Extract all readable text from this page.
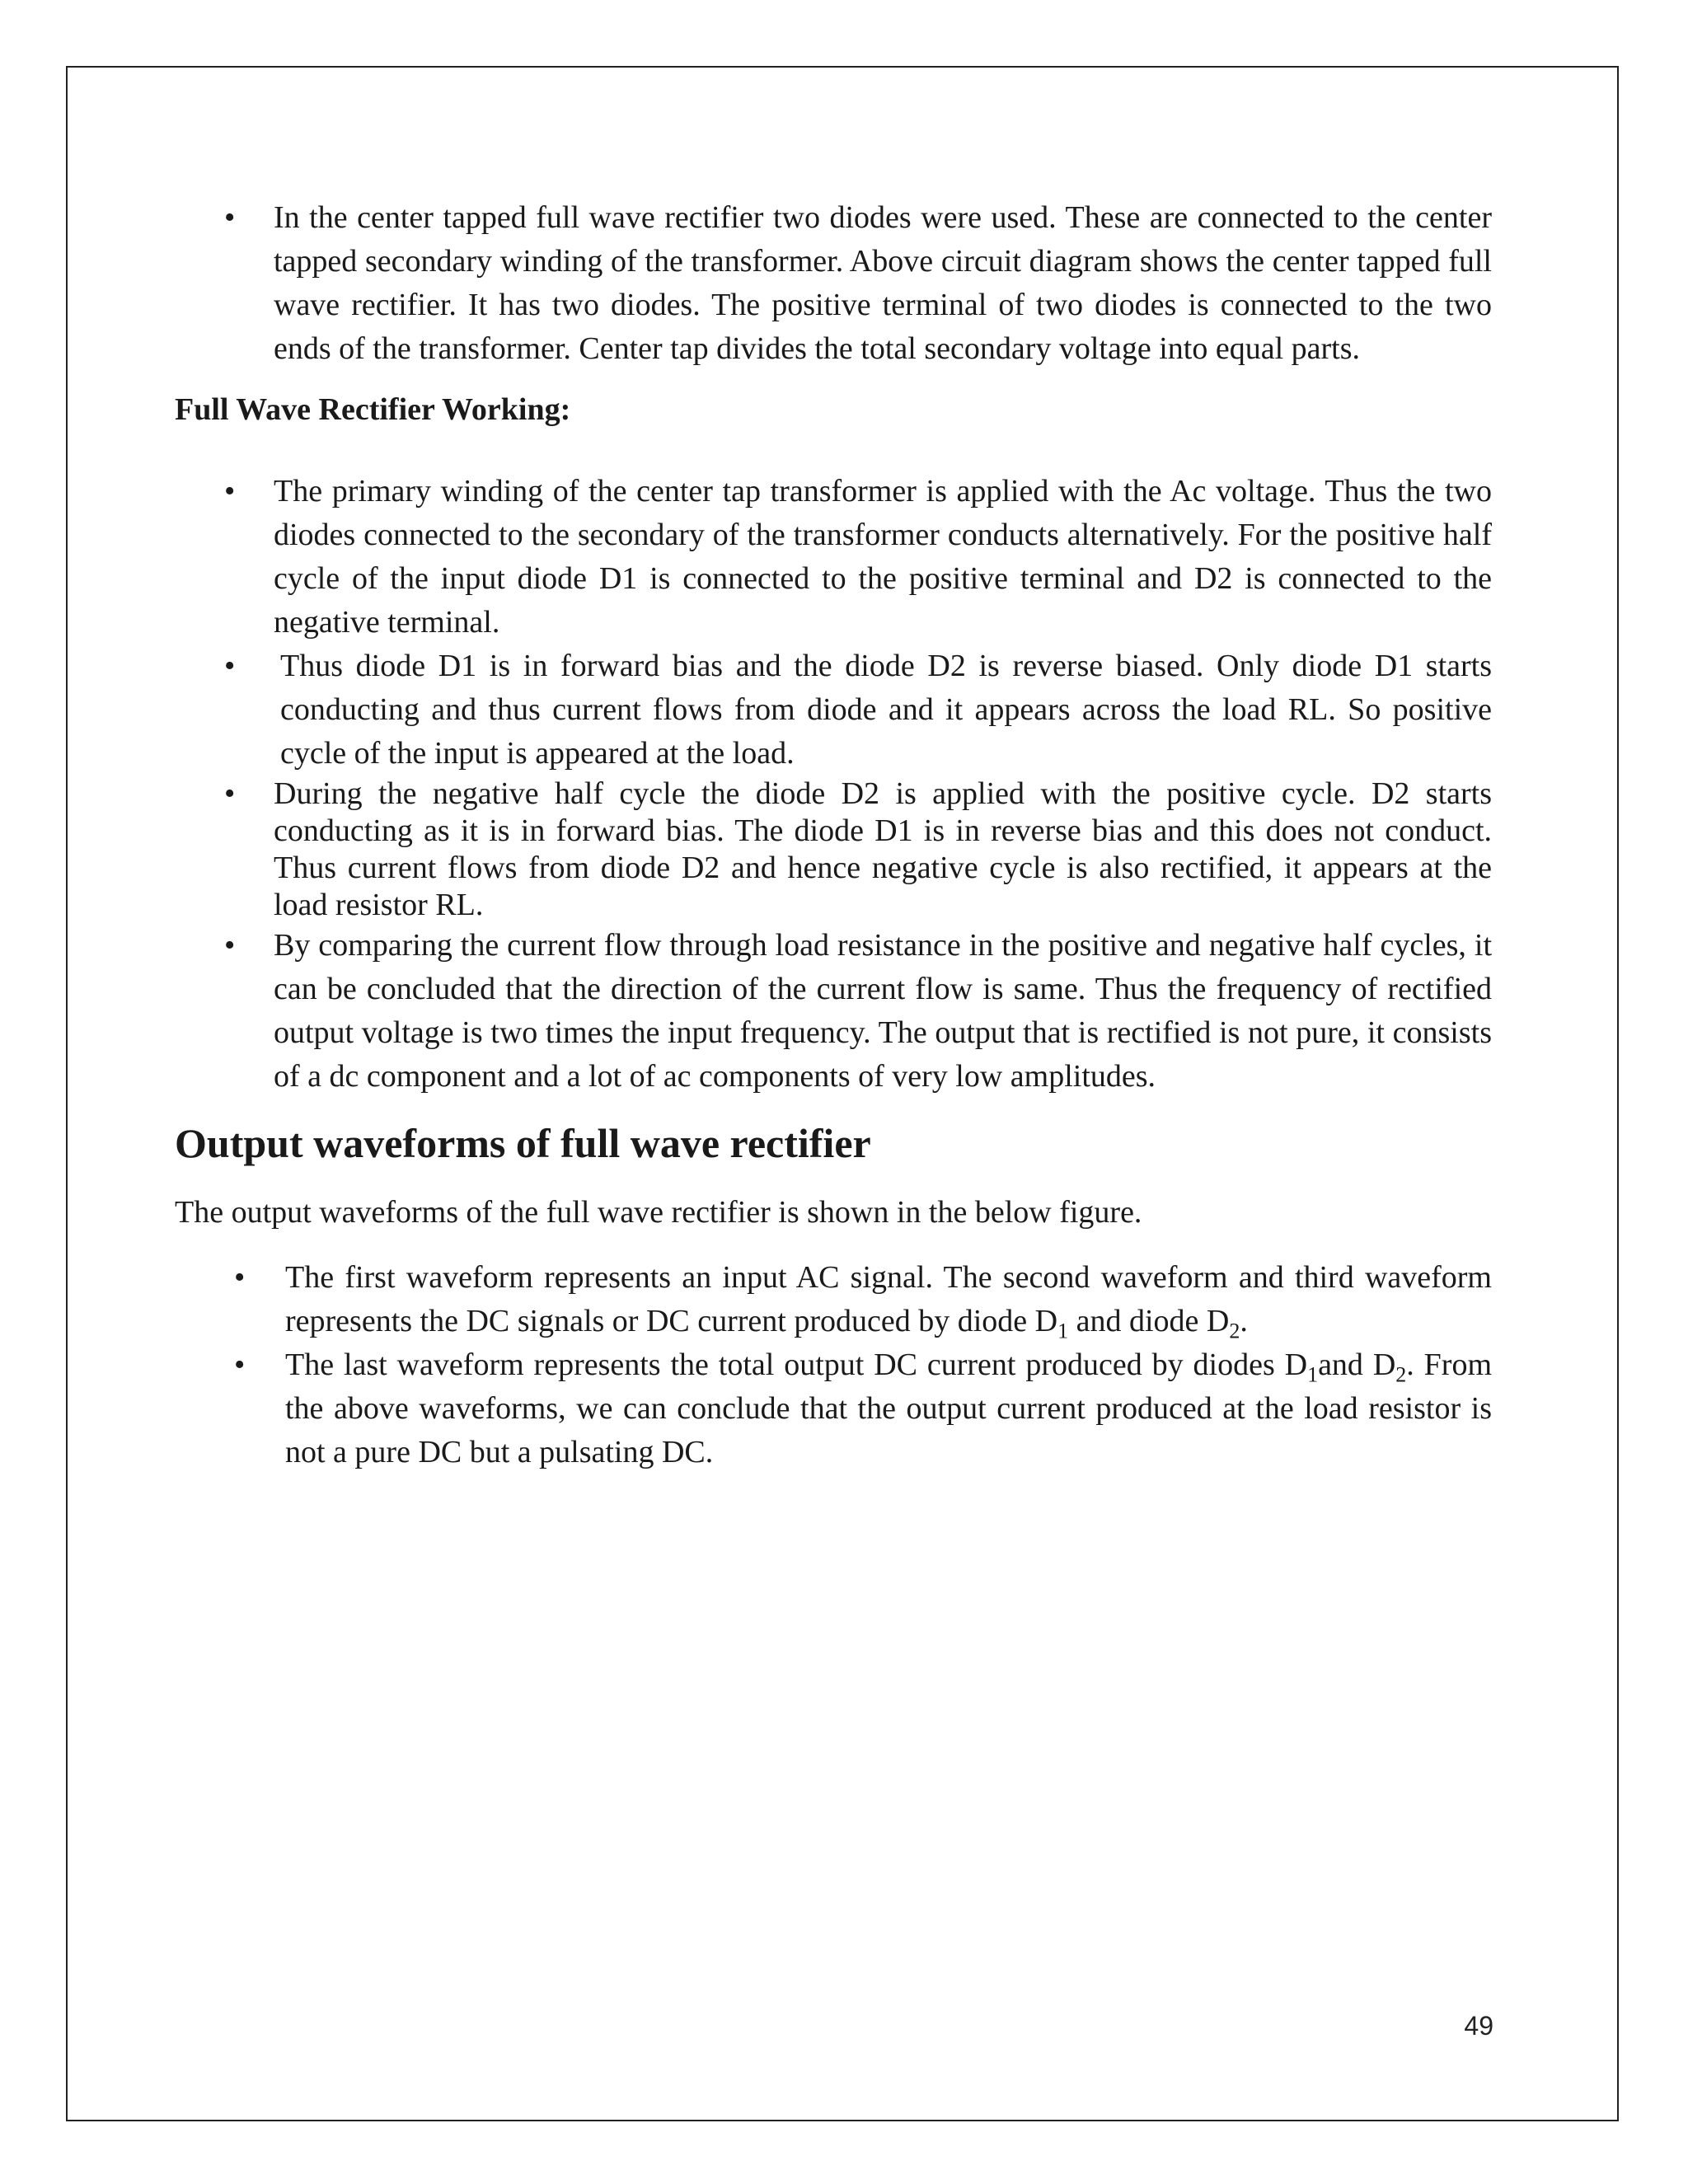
• In the center tapped full wave rectifier two diodes were used. These are connected to the center tapped secondary winding of the transformer. Above circuit diagram shows the center tapped full wave rectifier. It has two diodes. The positive terminal of two diodes is connected to the two ends of the transformer. Center tap divides the total secondary voltage into equal parts.
Full Wave Rectifier Working:
• The primary winding of the center tap transformer is applied with the Ac voltage. Thus the two diodes connected to the secondary of the transformer conducts alternatively. For the positive half cycle of the input diode D1 is connected to the positive terminal and D2 is connected to the negative terminal.
• Thus diode D1 is in forward bias and the diode D2 is reverse biased. Only diode D1 starts conducting and thus current flows from diode and it appears across the load RL. So positive cycle of the input is appeared at the load.
• During the negative half cycle the diode D2 is applied with the positive cycle. D2 starts conducting as it is in forward bias. The diode D1 is in reverse bias and this does not conduct. Thus current flows from diode D2 and hence negative cycle is also rectified, it appears at the load resistor RL.
• By comparing the current flow through load resistance in the positive and negative half cycles, it can be concluded that the direction of the current flow is same. Thus the frequency of rectified output voltage is two times the input frequency. The output that is rectified is not pure, it consists of a dc component and a lot of ac components of very low amplitudes.
Output waveforms of full wave rectifier

The output waveforms of the full wave rectifier is shown in the below figure.

• The first waveform represents an input AC signal. The second waveform and third waveform represents the DC signals or DC current produced by diode $D_1$ and diode $D_2$.
• The last waveform represents the total output DC current produced by diodes $D_1and$ $D_2$. From the above waveforms, we can conclude that the output current produced at the load resistor is not a pure DC but a pulsating DC.
49
